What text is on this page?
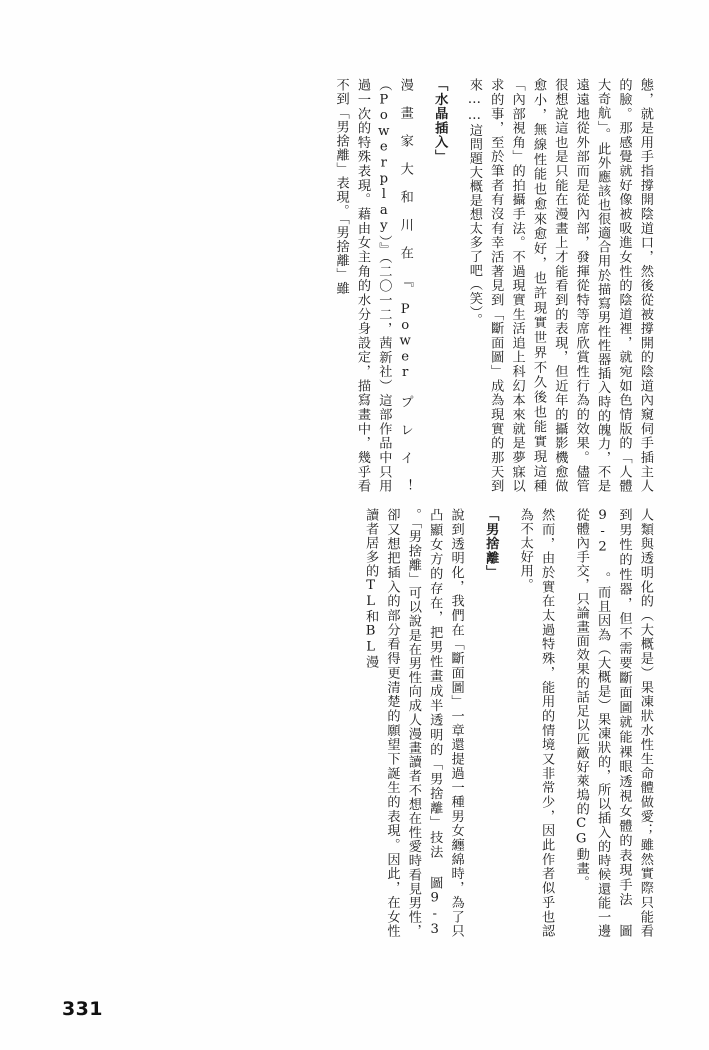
態，就是用手指撐開陰道口，然後從被撐開的陰道內窺伺手插主人的臉。那感覺就好像被吸進女性的陰道裡，就宛如色情版的「人體大奇航」。此外應該也很適合用於描寫男性性器插入時的魄力，不是遠遠地從外部而是從內部，發揮從特等席欣賞性行為的效果。儘管很想說這也是只能在漫畫上才能看到的表現，但近年的攝影機愈做愈小，無線性能也愈來愈好，也許現實世界不久後也能實現這種「內部視角」的拍攝手法。不過現實生活追上科幻本來就是夢寐以求的事，至於筆者有沒有幸活著見到「斷面圖」成為現實的那天到來……這問題大概是想太多了吧（笑）。

「水晶插入」

漫畫家大和川在『Powerプレイ！（Powerplay）』（二〇一二，茜新社）這部作品中只用過一次的特殊表現。藉由女主角的水分身設定，描寫畫中，幾乎看不到「男捨離」表現。「男捨離」雖

人類與透明化的（大概是）果凍狀水性生命體做愛；雖然實際只能看到男性的性器，但不需要斷面圖就能裸眼透視女體的表現手法 圖9-2 。而且因為（大概是）果凍狀的，所以插入的時候還能一邊從體內手交，只論畫面效果的話足以匹敵好萊塢的CG動畫。

然而，由於實在太過特殊，能用的情境又非常少，因此作者似乎也認為不太好用。

「男捨離」

說到透明化，我們在「斷面圖」一章還提過一種男女纏綿時，為了只凸顯女方的存在，把男性畫成半透明的「男捨離」技法 圖9-3 。「男捨離」可以說是在男性向成人漫畫讀者不想在性愛時看見男性，卻又想把插入的部分看得更清楚的願望下誕生的表現。因此，在女性讀者居多的TL和BL漫

331
